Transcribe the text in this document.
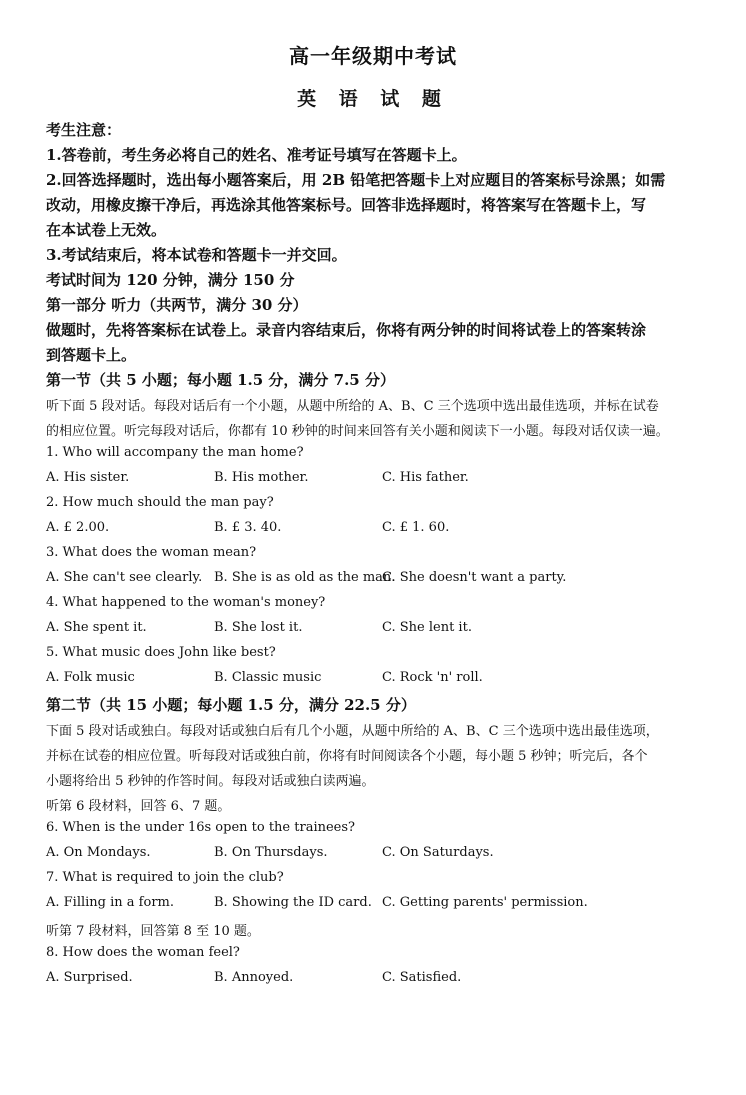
高一年级期中考试
英 语 试 题
考生注意：
1.答卷前，考生务必将自己的姓名、准考证号填写在答题卡上。
2.回答选择题时，选出每小题答案后，用 2B 铅笔把答题卡上对应题目的答案标号涂黑；如需
改动，用橡皮擦干净后，再选涂其他答案标号。回答非选择题时，将答案写在答题卡上，写
在本试卷上无效。
3.考试结束后，将本试卷和答题卡一并交回。
考试时间为 120 分钟，满分 150 分
第一部分 听力（共两节，满分 30 分）
做题时，先将答案标在试卷上。录音内容结束后，你将有两分钟的时间将试卷上的答案转涂
到答题卡上。
第一节（共 5 小题；每小题 1.5 分，满分 7.5 分）
听下面 5 段对话。每段对话后有一个小题，从题中所给的 A、B、C 三个选项中选出最佳选项，并标在试卷
的相应位置。听完每段对话后，你都有 10 秒钟的时间来回答有关小题和阅读下一小题。每段对话仅读一遍。
1. Who will accompany the man home?
A. His sister.	B. His mother.	C. His father.
2. How much should the man pay?
A. £ 2.00.	B. £ 3. 40.	C. £ 1. 60.
3. What does the woman mean?
A. She can't see clearly. B. She is as old as the man.
C. She doesn't want a party.
4. What happened to the woman's money?
A. She spent it.	B. She lost it.	C. She lent it.
5. What music does John like best?
A. Folk music	B. Classic music	C. Rock 'n' roll.
第二节（共 15 小题；每小题 1.5 分，满分 22.5 分）
下面 5 段对话或独白。每段对话或独白后有几个小题，从题中所给的 A、B、C 三个选项中选出最佳选项，
并标在试卷的相应位置。听每段对话或独白前，你将有时间阅读各个小题，每小题 5 秒钟；听完后，各个
小题将给出 5 秒钟的作答时间。每段对话或独白读两遍。
听第 6 段材料，回答 6、7 题。
6. When is the under 16s open to the trainees?
A. On Mondays.	B. On Thursdays.	C. On Saturdays.
7. What is required to join the club?
A. Filling in a form.	B. Showing the ID card. C. Getting parents' permission.
听第 7 段材料，回答第 8 至 10 题。
8. How does the woman feel?
A. Surprised.	B. Annoyed.	C. Satisfied.
